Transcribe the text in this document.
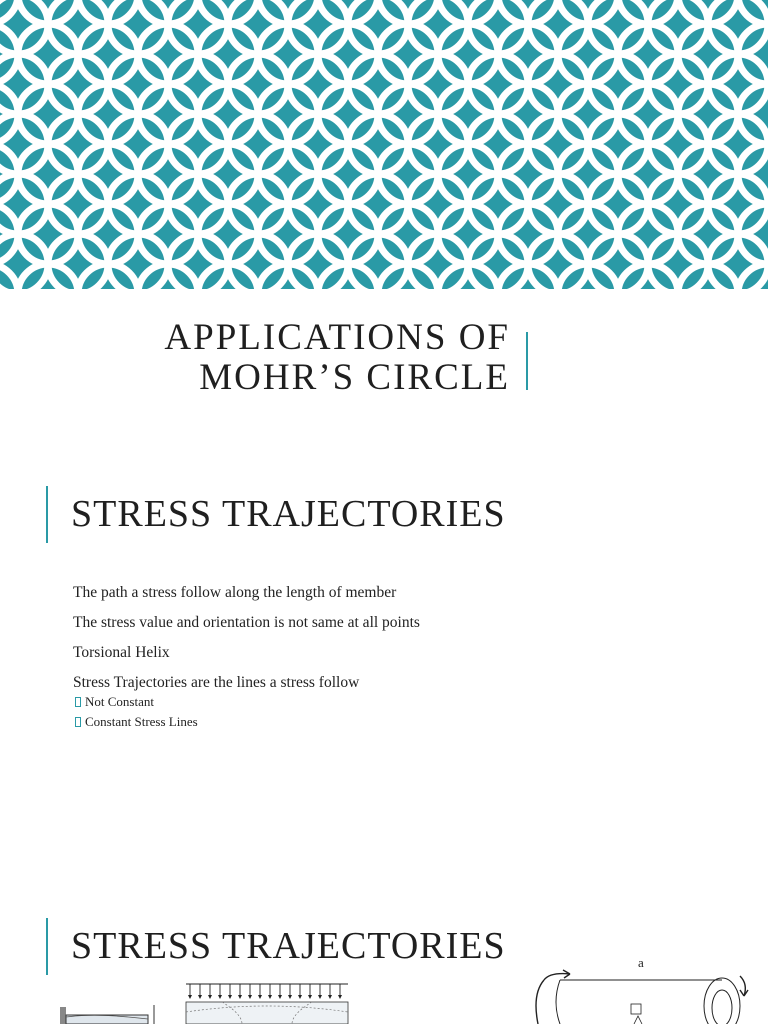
APPLICATIONS OF
MOHR’S CIRCLE
STRESS TRAJECTORIES
The path a stress follow along the length of member
The stress value and orientation is not same at all points
Torsional Helix
Stress Trajectories are the lines a stress follow
Not Constant
Constant Stress Lines
STRESS TRAJECTORIES	a
